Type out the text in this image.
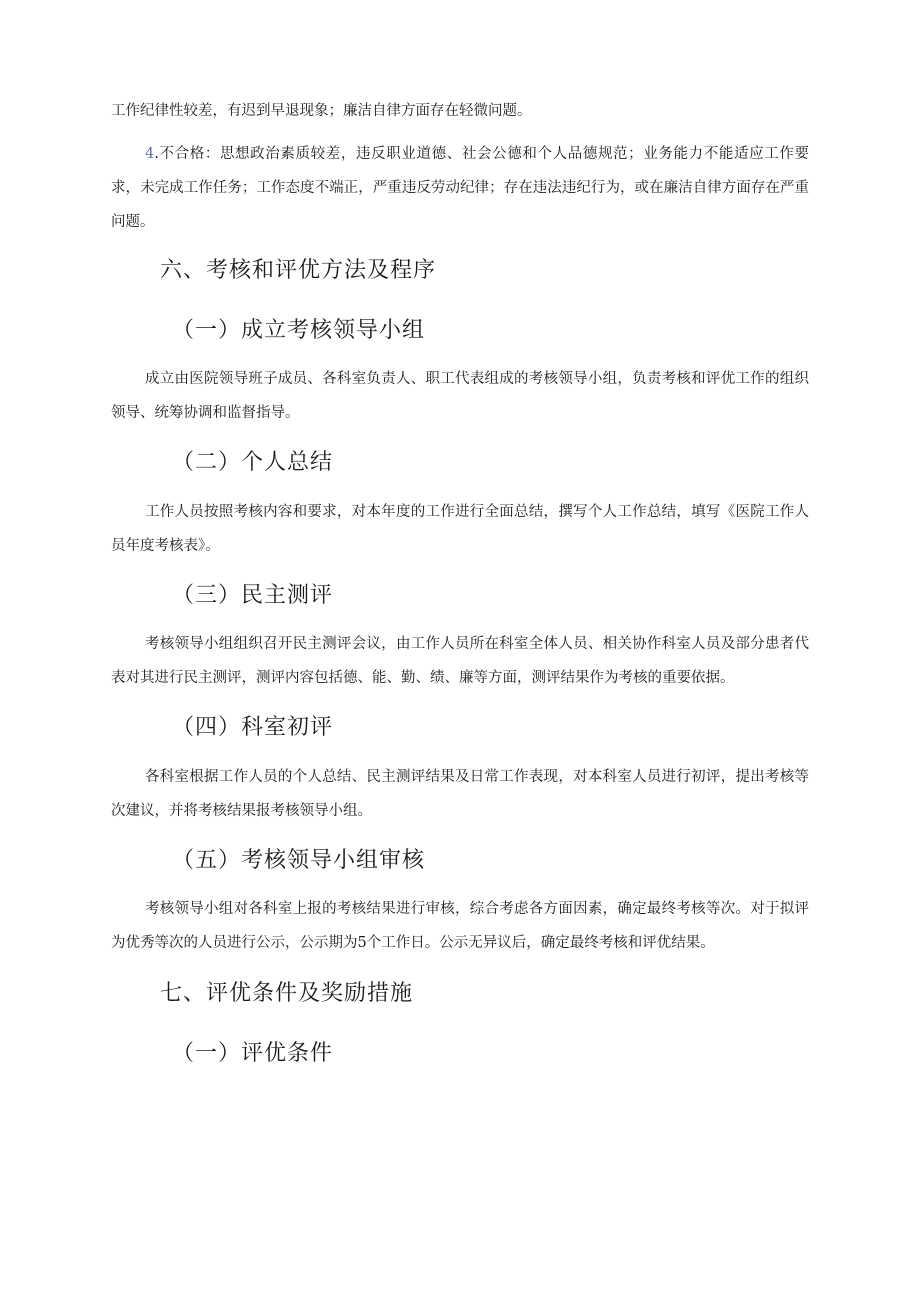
工作纪律性较差，有迟到早退现象；廉洁自律方面存在轻微问题。

4.不合格：思想政治素质较差，违反职业道德、社会公德和个人品德规范；业务能力不能适应工作要求，未完成工作任务；工作态度不端正，严重违反劳动纪律；存在违法违纪行为，或在廉洁自律方面存在严重问题。

六、考核和评优方法及程序
（一）成立考核领导小组

成立由医院领导班子成员、各科室负责人、职工代表组成的考核领导小组，负责考核和评优工作的组织领导、统筹协调和监督指导。

（二）个人总结

工作人员按照考核内容和要求，对本年度的工作进行全面总结，撰写个人工作总结，填写《医院工作人员年度考核表》。

（三）民主测评

考核领导小组组织召开民主测评会议，由工作人员所在科室全体人员、相关协作科室人员及部分患者代表对其进行民主测评，测评内容包括德、能、勤、绩、廉等方面，测评结果作为考核的重要依据。

（四）科室初评

各科室根据工作人员的个人总结、民主测评结果及日常工作表现，对本科室人员进行初评，提出考核等次建议，并将考核结果报考核领导小组。

（五）考核领导小组审核

考核领导小组对各科室上报的考核结果进行审核，综合考虑各方面因素，确定最终考核等次。对于拟评为优秀等次的人员进行公示，公示期为5个工作日。公示无异议后，确定最终考核和评优结果。

七、评优条件及奖励措施
（一）评优条件
